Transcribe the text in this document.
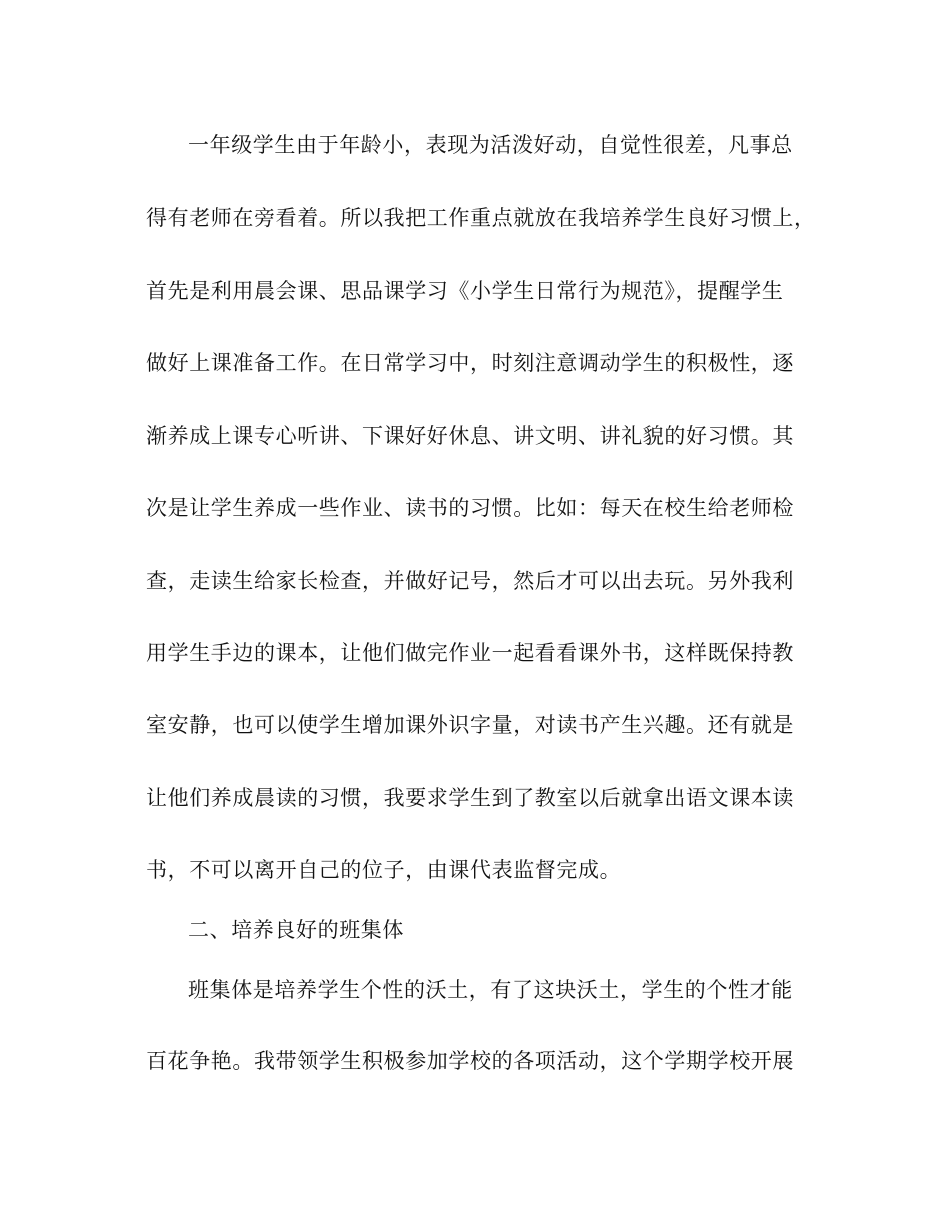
一年级学生由于年龄小，表现为活泼好动，自觉性很差，凡事总
得有老师在旁看着。所以我把工作重点就放在我培养学生良好习惯上，
首先是利用晨会课、思品课学习《小学生日常行为规范》，提醒学生
做好上课准备工作。在日常学习中，时刻注意调动学生的积极性，逐
渐养成上课专心听讲、下课好好休息、讲文明、讲礼貌的好习惯。其
次是让学生养成一些作业、读书的习惯。比如：每天在校生给老师检
查，走读生给家长检查，并做好记号，然后才可以出去玩。另外我利
用学生手边的课本，让他们做完作业一起看看课外书，这样既保持教
室安静，也可以使学生增加课外识字量，对读书产生兴趣。还有就是
让他们养成晨读的习惯，我要求学生到了教室以后就拿出语文课本读
书，不可以离开自己的位子，由课代表监督完成。
二、培养良好的班集体
班集体是培养学生个性的沃土，有了这块沃土，学生的个性才能
百花争艳。我带领学生积极参加学校的各项活动，这个学期学校开展
